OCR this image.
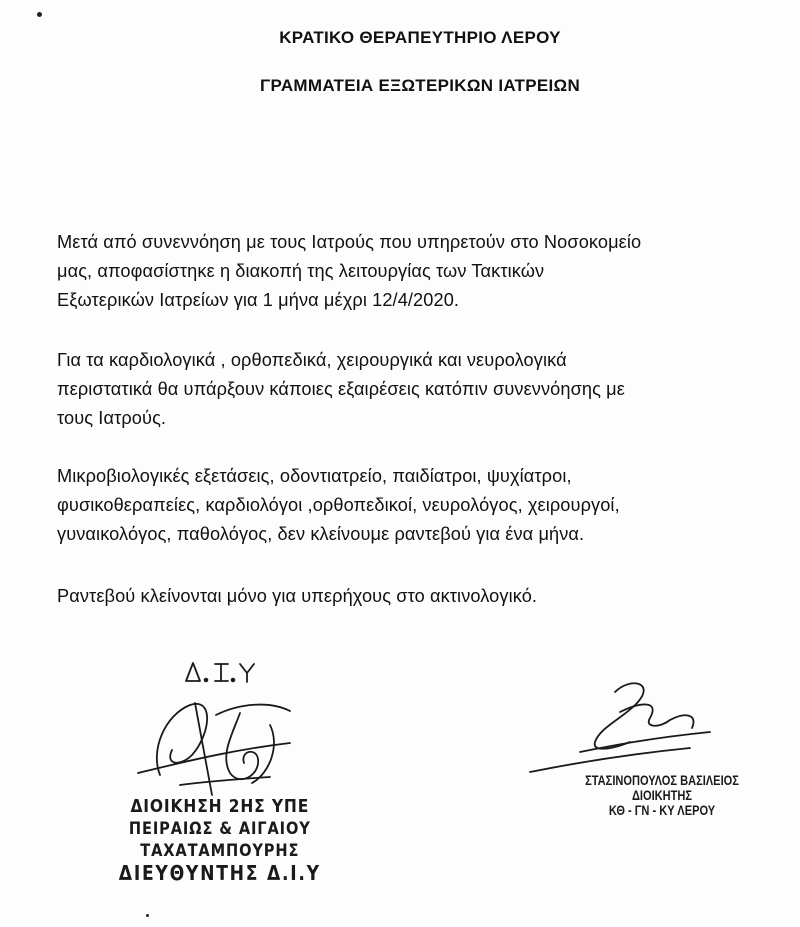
ΚΡΑΤΙΚΟ ΘΕΡΑΠΕΥΤΗΡΙΟ ΛΕΡΟΥ
ΓΡΑΜΜΑΤΕΙΑ ΕΞΩΤΕΡΙΚΩΝ ΙΑΤΡΕΙΩΝ
Μετά από συνεννόηση με τους Ιατρούς που υπηρετούν στο Νοσοκομείο
μας, αποφασίστηκε η διακοπή της λειτουργίας των Τακτικών
Εξωτερικών Ιατρείων για 1 μήνα μέχρι 12/4/2020.
Για τα καρδιολογικά , ορθοπεδικά, χειρουργικά και νευρολογικά
περιστατικά θα υπάρξουν κάποιες εξαιρέσεις κατόπιν συνεννόησης με
τους Ιατρούς.
Μικροβιολογικές εξετάσεις, οδοντιατρείο, παιδίατροι, ψυχίατροι,
φυσικοθεραπείες, καρδιολόγοι ,ορθοπεδικοί, νευρολόγος, χειρουργοί,
γυναικολόγος, παθολόγος, δεν κλείνουμε ραντεβού για ένα μήνα.
Ραντεβού κλείνονται μόνο για υπερήχους στο ακτινολογικό.
ΔΙΟΙΚΗΣΗ 2ΗΣ ΥΠΕ
ΠΕΙΡΑΙΩΣ & ΑΙΓΑΙΟΥ
ΤΑΧΑΤΑΜΠΟΥΡΗΣ
ΔΙΕΥΘΥΝΤΗΣ Δ.Ι.Υ
ΣΤΑΣΙΝΟΠΟΥΛΟΣ ΒΑΣΙΛΕΙΟΣ
ΔΙΟΙΚΗΤΗΣ
ΚΘ - ΓΝ - ΚΥ ΛΕΡΟΥ
